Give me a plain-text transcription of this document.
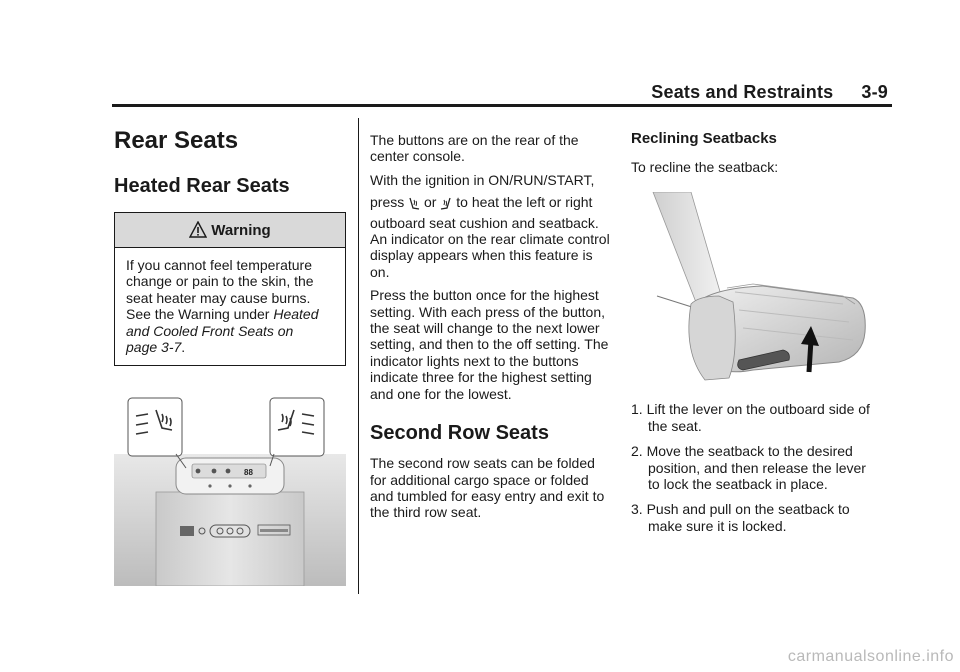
Seats and Restraints 3-9
Rear Seats
Heated Rear Seats
Warning

If you cannot feel temperature
change or pain to the skin, the
seat heater may cause burns.
See the Warning under Heated
and Cooled Front Seats on
page 3-7.

88

The buttons are on the rear of the center console.

With the ignition in ON/RUN/START,
press  or  to heat the left or right
outboard seat cushion and seatback. An indicator on the rear climate control display appears when this feature is on.

Press the button once for the highest setting. With each press of the button, the seat will change to the next lower setting, and then to the off setting. The indicator lights next to the buttons indicate three for the highest setting and one for the lowest.

Second Row Seats

The second row seats can be folded for additional cargo space or folded and tumbled for easy entry and exit to the third row seat.

Reclining Seatbacks

To recline the seatback:

1. Lift the lever on the outboard side of the seat.
2. Move the seatback to the desired position, and then release the lever to lock the seatback in place.
3. Push and pull on the seatback to make sure it is locked.
carmanualsonline.info
